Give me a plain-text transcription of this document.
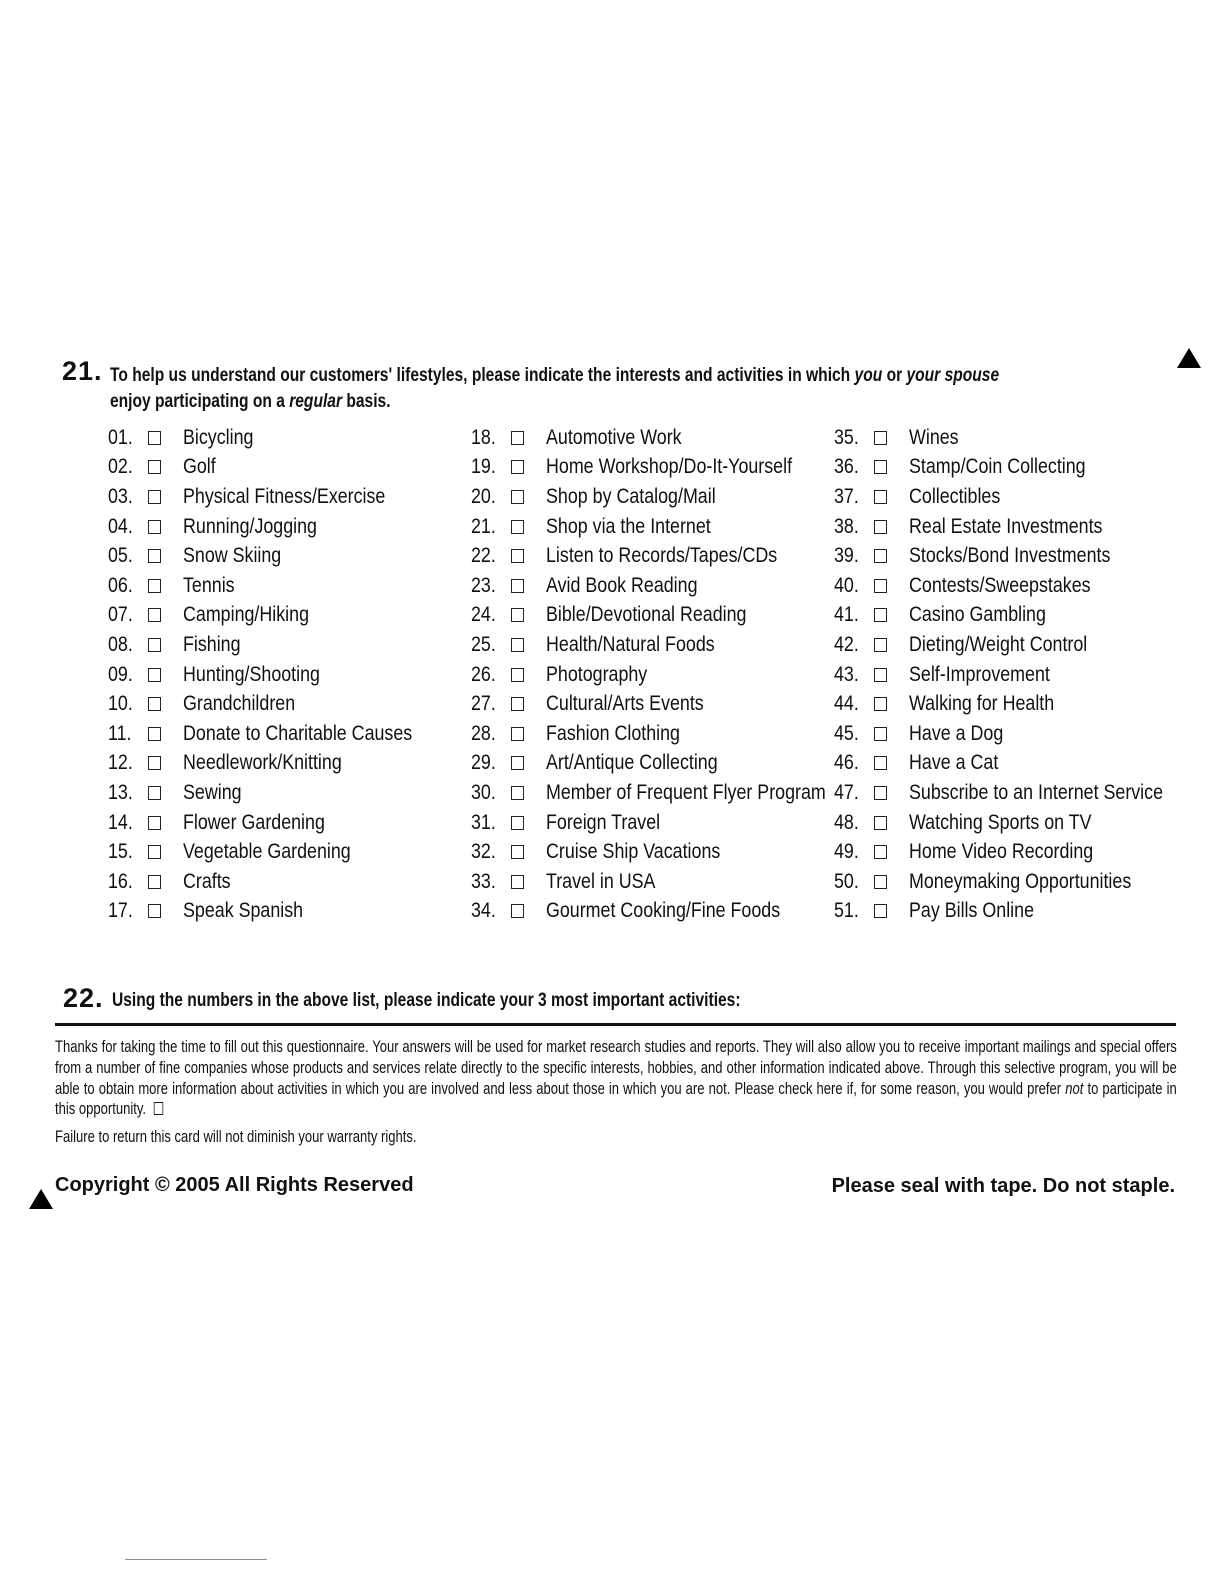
21. To help us understand our customers' lifestyles, please indicate the interests and activities in which you or your spouse
enjoy participating on a regular basis.
01.	Bicycling
02.	Golf
03.	Physical Fitness/Exercise
04.	Running/Jogging
05.	Snow Skiing
06.	Tennis
07.	Camping/Hiking
08.	Fishing
09.	Hunting/Shooting
10.	Grandchildren
11.	Donate to Charitable Causes
12.	Needlework/Knitting
13.	Sewing
14.	Flower Gardening
15.	Vegetable Gardening
16.	Crafts
17.	Speak Spanish
18.	Automotive Work
19.	Home Workshop/Do-It-Yourself
20.	Shop by Catalog/Mail
21.	Shop via the Internet
22.	Listen to Records/Tapes/CDs
23.	Avid Book Reading
24.	Bible/Devotional Reading
25.	Health/Natural Foods
26.	Photography
27.	Cultural/Arts Events
28.	Fashion Clothing
29.	Art/Antique Collecting
30.	Member of Frequent Flyer Program
31.	Foreign Travel
32.	Cruise Ship Vacations
33.	Travel in USA
34.	Gourmet Cooking/Fine Foods
35.	Wines
36.	Stamp/Coin Collecting
37.	Collectibles
38.	Real Estate Investments
39.	Stocks/Bond Investments
40.	Contests/Sweepstakes
41.	Casino Gambling
42.	Dieting/Weight Control
43.	Self-Improvement
44.	Walking for Health
45.	Have a Dog
46.	Have a Cat
47.	Subscribe to an Internet Service
48.	Watching Sports on TV
49.	Home Video Recording
50.	Moneymaking Opportunities
51.	Pay Bills Online
22. Using the numbers in the above list, please indicate your 3 most important activities:
Thanks for taking the time to fill out this questionnaire. Your answers will be used for market research studies and reports. They will also allow you to receive important mailings and special offers from a number of fine companies whose products and services relate directly to the specific interests, hobbies, and other information indicated above. Through this selective program, you will be able to obtain more information about activities in which you are involved and less about those in which you are not. Please check here if, for some reason, you would prefer not to participate in this opportunity.
Failure to return this card will not diminish your warranty rights.
Copyright © 2005 All Rights Reserved	Please seal with tape. Do not staple.
